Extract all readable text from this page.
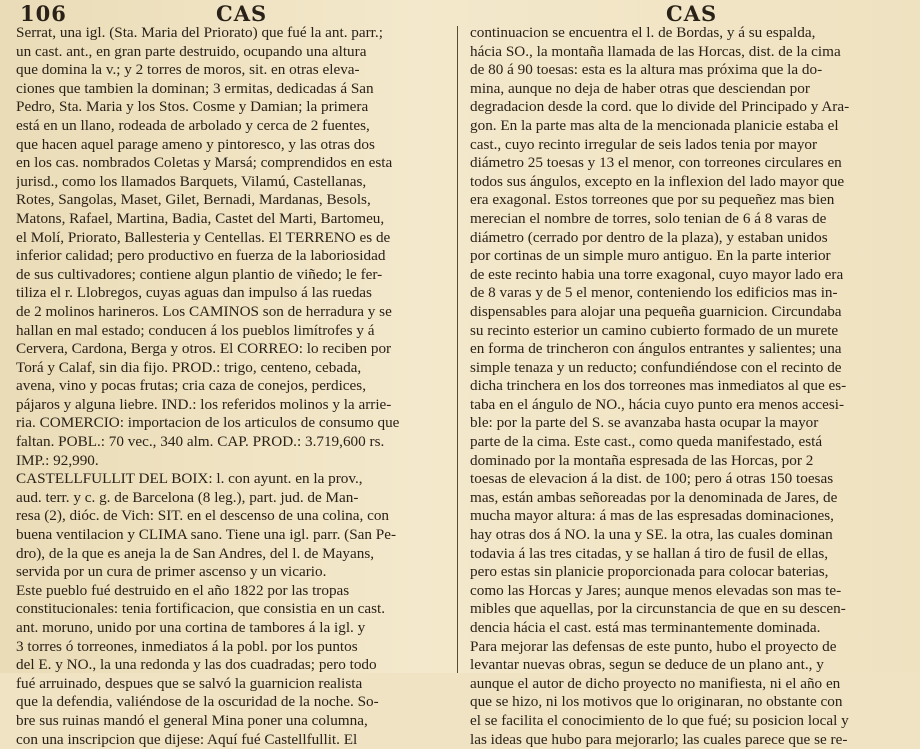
106	CAS	CAS
Serrat, una igl. (Sta. Maria del Priorato) que fué la ant. parr.;
un cast. ant., en gran parte destruido, ocupando una altura
que domina la v.; y 2 torres de moros, sit. en otras eleva-
ciones que tambien la dominan; 3 ermitas, dedicadas á San
Pedro, Sta. Maria y los Stos. Cosme y Damian; la primera
está en un llano, rodeada de arbolado y cerca de 2 fuentes,
que hacen aquel parage ameno y pintoresco, y las otras dos
en los cas. nombrados Coletas y Marsá; comprendidos en esta
jurisd., como los llamados Barquets, Vilamú, Castellanas,
Rotes, Sangolas, Maset, Gilet, Bernadi, Mardanas, Besols,
Matons, Rafael, Martina, Badia, Castet del Marti, Bartomeu,
el Molí, Priorato, Ballesteria y Centellas. El TERRENO es de
inferior calidad; pero productivo en fuerza de la laboriosidad
de sus cultivadores; contiene algun plantio de viñedo; le fer-
tiliza el r. Llobregos, cuyas aguas dan impulso á las ruedas
de 2 molinos harineros. Los CAMINOS son de herradura y se
hallan en mal estado; conducen á los pueblos limítrofes y á
Cervera, Cardona, Berga y otros. El CORREO: lo reciben por
Torá y Calaf, sin dia fijo. PROD.: trigo, centeno, cebada,
avena, vino y pocas frutas; cria caza de conejos, perdices,
pájaros y alguna liebre. IND.: los referidos molinos y la arrie-
ria. COMERCIO: importacion de los articulos de consumo que
faltan. POBL.: 70 vec., 340 alm. CAP. PROD.: 3.719,600 rs.
IMP.: 92,990.
CASTELLFULLIT DEL BOIX: l. con ayunt. en la prov.,
aud. terr. y c. g. de Barcelona (8 leg.), part. jud. de Man-
resa (2), dióc. de Vich: SIT. en el descenso de una colina, con
buena ventilacion y CLIMA sano. Tiene una igl. parr. (San Pe-
dro), de la que es aneja la de San Andres, del l. de Mayans,
servida por un cura de primer ascenso y un vicario.
Este pueblo fué destruido en el año 1822 por las tropas
constitucionales: tenia fortificacion, que consistia en un cast.
ant. moruno, unido por una cortina de tambores á la igl. y
3 torres ó torreones, inmediatos á la pobl. por los puntos
del E. y NO., la una redonda y las dos cuadradas; pero todo
fué arruinado, despues que se salvó la guarnicion realista
que la defendia, valiéndose de la oscuridad de la noche. So-
bre sus ruinas mandó el general Mina poner una columna,
con una inscripcion que dijese: Aquí fué Castellfullit. El
continuacion se encuentra el l. de Bordas, y á su espalda,
hácia SO., la montaña llamada de las Horcas, dist. de la cima
de 80 á 90 toesas: esta es la altura mas próxima que la do-
mina, aunque no deja de haber otras que desciendan por
degradacion desde la cord. que lo divide del Principado y Ara-
gon. En la parte mas alta de la mencionada planicie estaba el
cast., cuyo recinto irregular de seis lados tenia por mayor
diámetro 25 toesas y 13 el menor, con torreones circulares en
todos sus ángulos, excepto en la inflexion del lado mayor que
era exagonal. Estos torreones que por su pequeñez mas bien
merecian el nombre de torres, solo tenian de 6 á 8 varas de
diámetro (cerrado por dentro de la plaza), y estaban unidos
por cortinas de un simple muro antiguo. En la parte interior
de este recinto habia una torre exagonal, cuyo mayor lado era
de 8 varas y de 5 el menor, conteniendo los edificios mas in-
dispensables para alojar una pequeña guarnicion. Circundaba
su recinto esterior un camino cubierto formado de un murete
en forma de trincheron con ángulos entrantes y salientes; una
simple tenaza y un reducto; confundiéndose con el recinto de
dicha trinchera en los dos torreones mas inmediatos al que es-
taba en el ángulo de NO., hácia cuyo punto era menos accesi-
ble: por la parte del S. se avanzaba hasta ocupar la mayor
parte de la cima. Este cast., como queda manifestado, está
dominado por la montaña espresada de las Horcas, por 2
toesas de elevacion á la dist. de 100; pero á otras 150 toesas
mas, están ambas señoreadas por la denominada de Jares, de
mucha mayor altura: á mas de las espresadas dominaciones,
hay otras dos á NO. la una y SE. la otra, las cuales dominan
todavia á las tres citadas, y se hallan á tiro de fusil de ellas,
pero estas sin planicie proporcionada para colocar baterias,
como las Horcas y Jares; aunque menos elevadas son mas te-
mibles que aquellas, por la circunstancia de que en su descen-
dencia hácia el cast. está mas terminantemente dominada.
Para mejorar las defensas de este punto, hubo el proyecto de
levantar nuevas obras, segun se deduce de un plano ant., y
aunque el autor de dicho proyecto no manifiesta, ni el año en
que se hizo, ni los motivos que lo originaran, no obstante con
el se facilita el conocimiento de lo que fué; su posicion local y
las ideas que hubo para mejorarlo; las cuales parece que se re-
